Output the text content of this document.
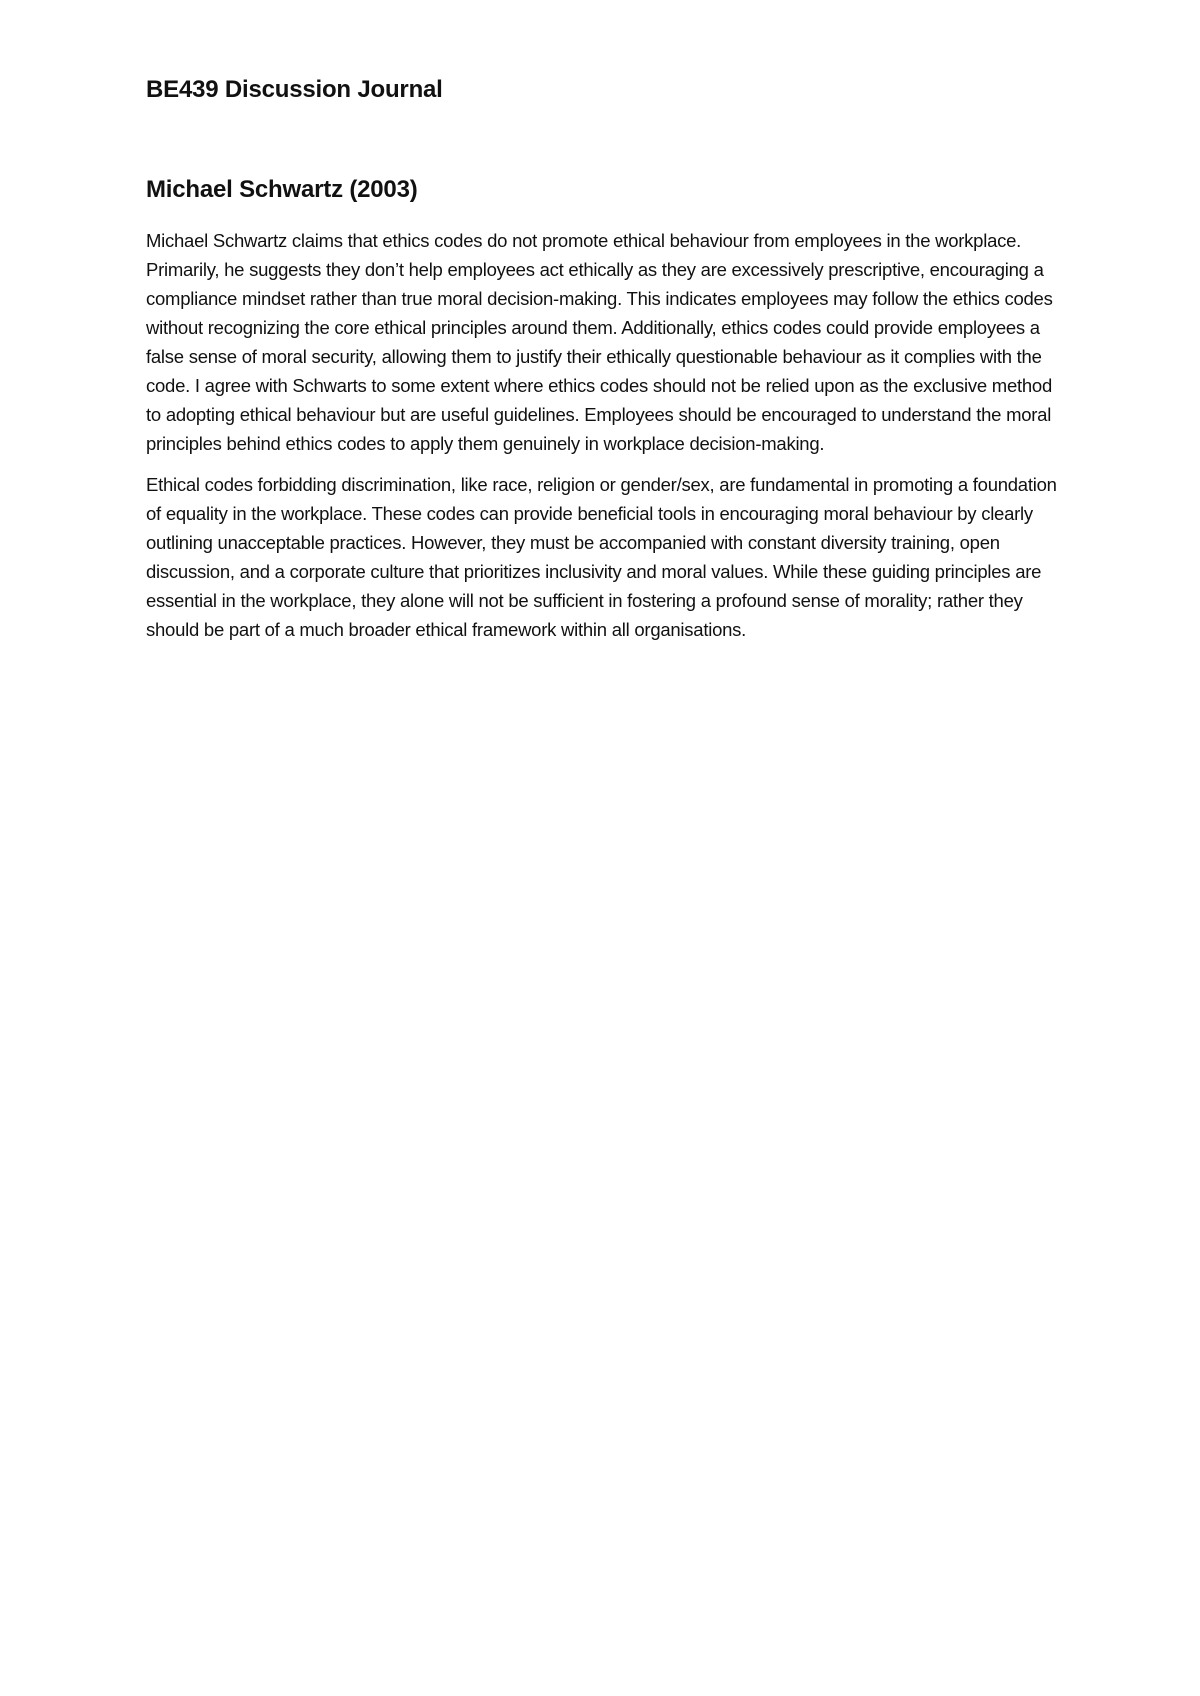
BE439 Discussion Journal
Michael Schwartz (2003)

Michael Schwartz claims that ethics codes do not promote ethical behaviour from employees in the workplace. Primarily, he suggests they don’t help employees act ethically as they are excessively prescriptive, encouraging a compliance mindset rather than true moral decision-making. This indicates employees may follow the ethics codes without recognizing the core ethical principles around them. Additionally, ethics codes could provide employees a false sense of moral security, allowing them to justify their ethically questionable behaviour as it complies with the code. I agree with Schwarts to some extent where ethics codes should not be relied upon as the exclusive method to adopting ethical behaviour but are useful guidelines. Employees should be encouraged to understand the moral principles behind ethics codes to apply them genuinely in workplace decision-making.

Ethical codes forbidding discrimination, like race, religion or gender/sex, are fundamental in promoting a foundation of equality in the workplace. These codes can provide beneficial tools in encouraging moral behaviour by clearly outlining unacceptable practices. However, they must be accompanied with constant diversity training, open discussion, and a corporate culture that prioritizes inclusivity and moral values. While these guiding principles are essential in the workplace, they alone will not be sufficient in fostering a profound sense of morality; rather they should be part of a much broader ethical framework within all organisations.
